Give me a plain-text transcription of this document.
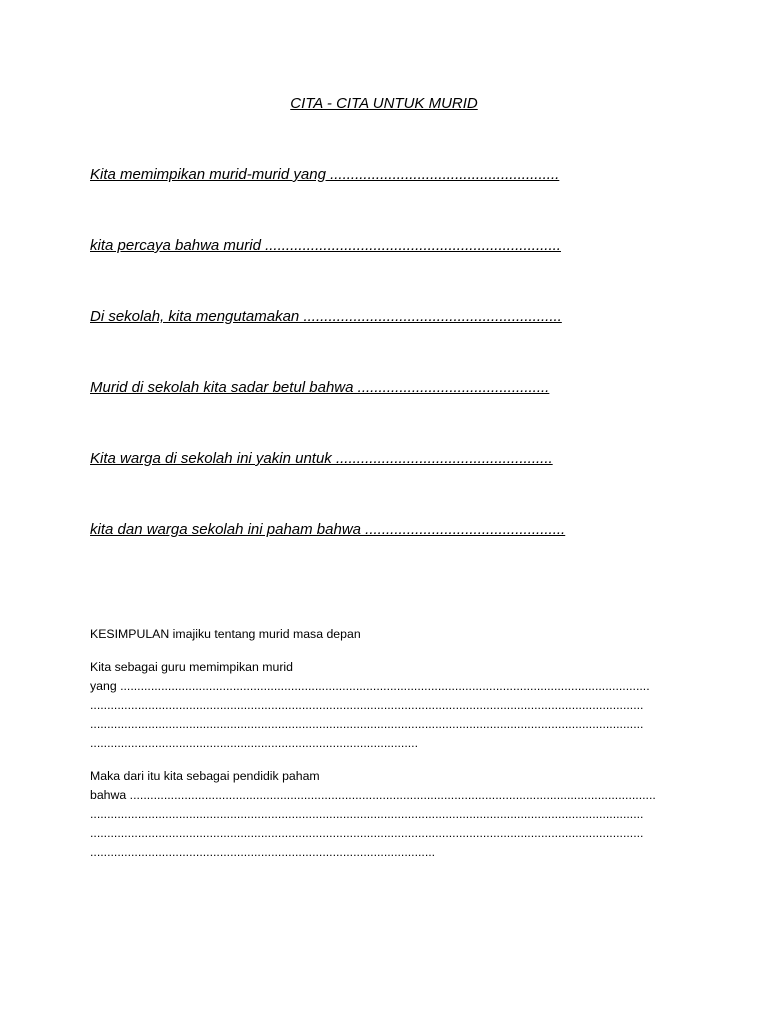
CITA - CITA UNTUK MURID
Kita memimpikan murid-murid yang .......................................................
kita percaya bahwa murid .......................................................................
Di sekolah, kita mengutamakan ..............................................................
Murid di sekolah kita sadar betul bahwa ..............................................
Kita warga di sekolah ini yakin untuk ....................................................
kita dan warga sekolah ini paham bahwa ................................................
KESIMPULAN imajiku tentang murid masa depan
Kita sebagai guru memimpikan murid
yang ...........................................................................................................................................................
..................................................................................................................................................................
..................................................................................................................................................................
................................................................................................
Maka dari itu kita sebagai pendidik paham
bahwa ..........................................................................................................................................................
..................................................................................................................................................................
..................................................................................................................................................................
.....................................................................................................
